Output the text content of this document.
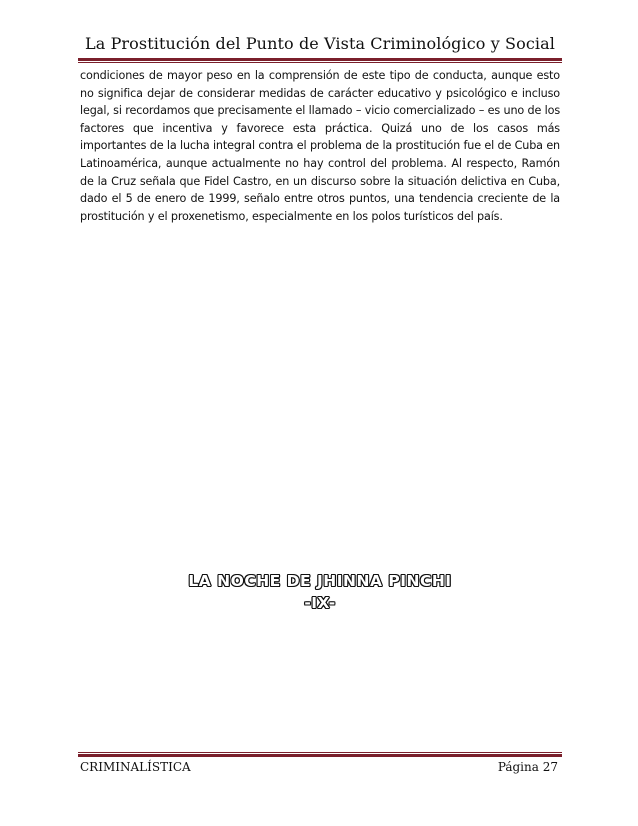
La Prostitución del Punto de Vista Criminológico y Social

condiciones de mayor peso en la comprensión de este tipo de conducta, aunque esto no significa dejar de considerar medidas de carácter educativo y psicológico e incluso legal, si recordamos que precisamente el llamado – vicio comercializado – es uno de los factores que incentiva y favorece esta práctica. Quizá uno de los casos más importantes de la lucha integral contra el problema de la prostitución fue el de Cuba en Latinoamérica, aunque actualmente no hay control del problema. Al respecto, Ramón de la Cruz señala que Fidel Castro, en un discurso sobre la situación delictiva en Cuba, dado el 5 de enero de 1999, señalo entre otros puntos, una tendencia creciente de la prostitución y el proxenetismo, especialmente en los polos turísticos del país.

LA NOCHE DE JHINNA PINCHI
-IX-
CRIMINALÍSTICA	Página 27
